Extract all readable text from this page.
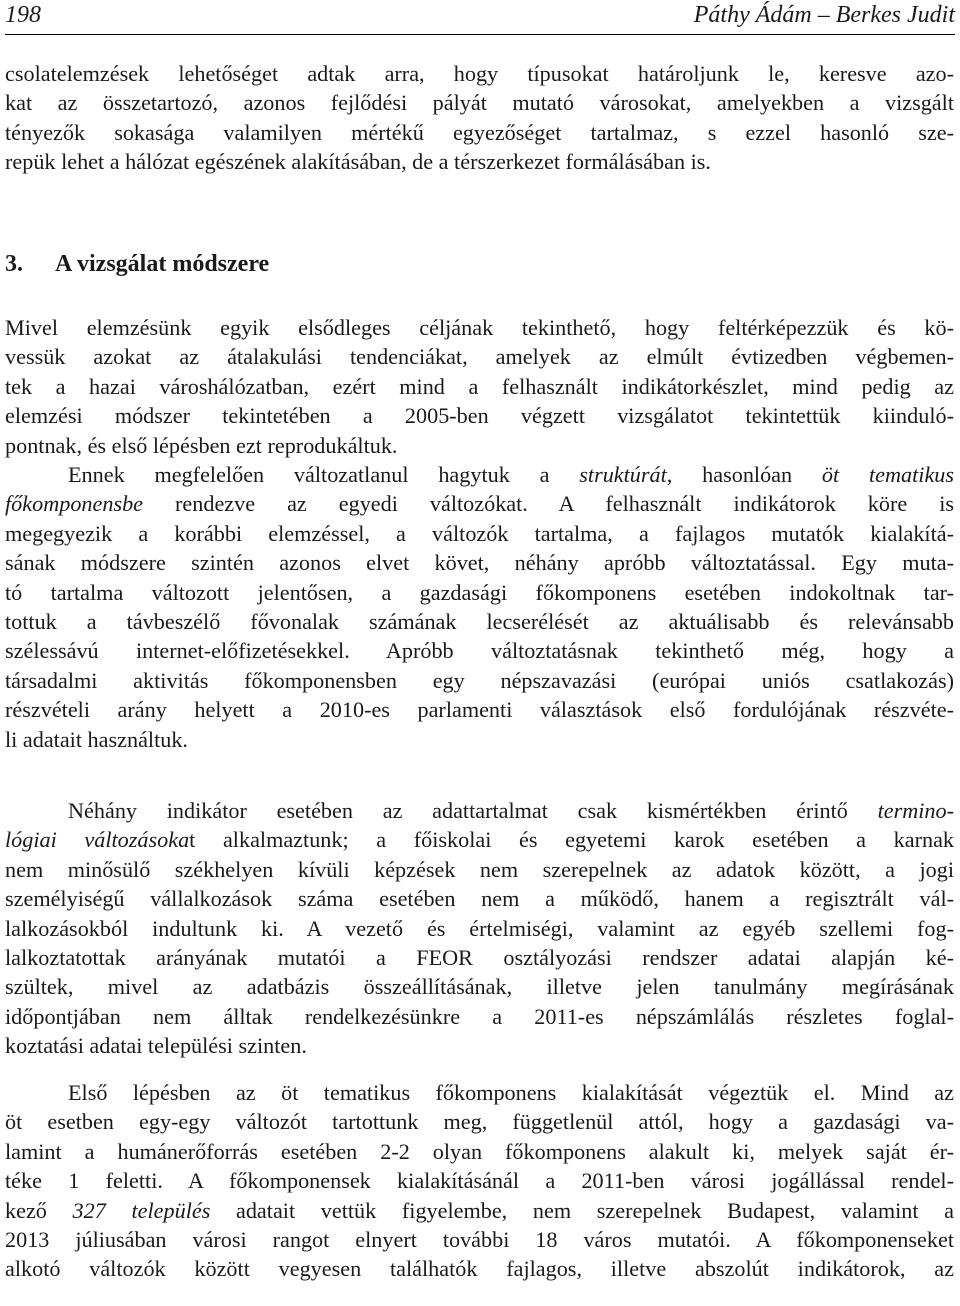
198	Páthy Ádám – Berkes Judit
csolatelemzések lehetőséget adtak arra, hogy típusokat határoljunk le, keresve azo-
kat az összetartozó, azonos fejlődési pályát mutató városokat, amelyekben a vizsgált
tényezők sokasága valamilyen mértékű egyezőséget tartalmaz, s ezzel hasonló sze-
repük lehet a hálózat egészének alakításában, de a térszerkezet formálásában is.
3. A vizsgálat módszere
Mivel elemzésünk egyik elsődleges céljának tekinthető, hogy feltérképezzük és kö-
vessük azokat az átalakulási tendenciákat, amelyek az elmúlt évtizedben végbemen-
tek a hazai városhálózatban, ezért mind a felhasznált indikátorkészlet, mind pedig az
elemzési módszer tekintetében a 2005-ben végzett vizsgálatot tekintettük kiinduló-
pontnak, és első lépésben ezt reprodukáltuk.
Ennek megfelelően változatlanul hagytuk a struktúrát, hasonlóan öt tematikus
főkomponensbe rendezve az egyedi változókat. A felhasznált indikátorok köre is
megegyezik a korábbi elemzéssel, a változók tartalma, a fajlagos mutatók kialakítá-
sának módszere szintén azonos elvet követ, néhány apróbb változtatással. Egy muta-
tó tartalma változott jelentősen, a gazdasági főkomponens esetében indokoltnak tar-
tottuk a távbeszélő fővonalak számának lecserélését az aktuálisabb és relevánsabb
szélessávú internet-előfizetésekkel. Apróbb változtatásnak tekinthető még, hogy a
társadalmi aktivitás főkomponensben egy népszavazási (európai uniós csatlakozás)
részvételi arány helyett a 2010-es parlamenti választások első fordulójának részvéte-
li adatait használtuk.
Néhány indikátor esetében az adattartalmat csak kismértékben érintő termino-
lógiai változásokat alkalmaztunk; a főiskolai és egyetemi karok esetében a karnak
nem minősülő székhelyen kívüli képzések nem szerepelnek az adatok között, a jogi
személyiségű vállalkozások száma esetében nem a működő, hanem a regisztrált vál-
lalkozásokból indultunk ki. A vezető és értelmiségi, valamint az egyéb szellemi fog-
lalkoztatottak arányának mutatói a FEOR osztályozási rendszer adatai alapján ké-
szültek, mivel az adatbázis összeállításának, illetve jelen tanulmány megírásának
időpontjában nem álltak rendelkezésünkre a 2011-es népszámlálás részletes foglal-
koztatási adatai települési szinten.
Első lépésben az öt tematikus főkomponens kialakítását végeztük el. Mind az
öt esetben egy-egy változót tartottunk meg, függetlenül attól, hogy a gazdasági va-
lamint a humánerőforrás esetében 2-2 olyan főkomponens alakult ki, melyek saját ér-
téke 1 feletti. A főkomponensek kialakításánál a 2011-ben városi jogállással rendel-
kező 327 település adatait vettük figyelembe, nem szerepelnek Budapest, valamint a
2013 júliusában városi rangot elnyert további 18 város mutatói. A főkomponenseket
alkotó változók között vegyesen találhatók fajlagos, illetve abszolút indikátorok, az
